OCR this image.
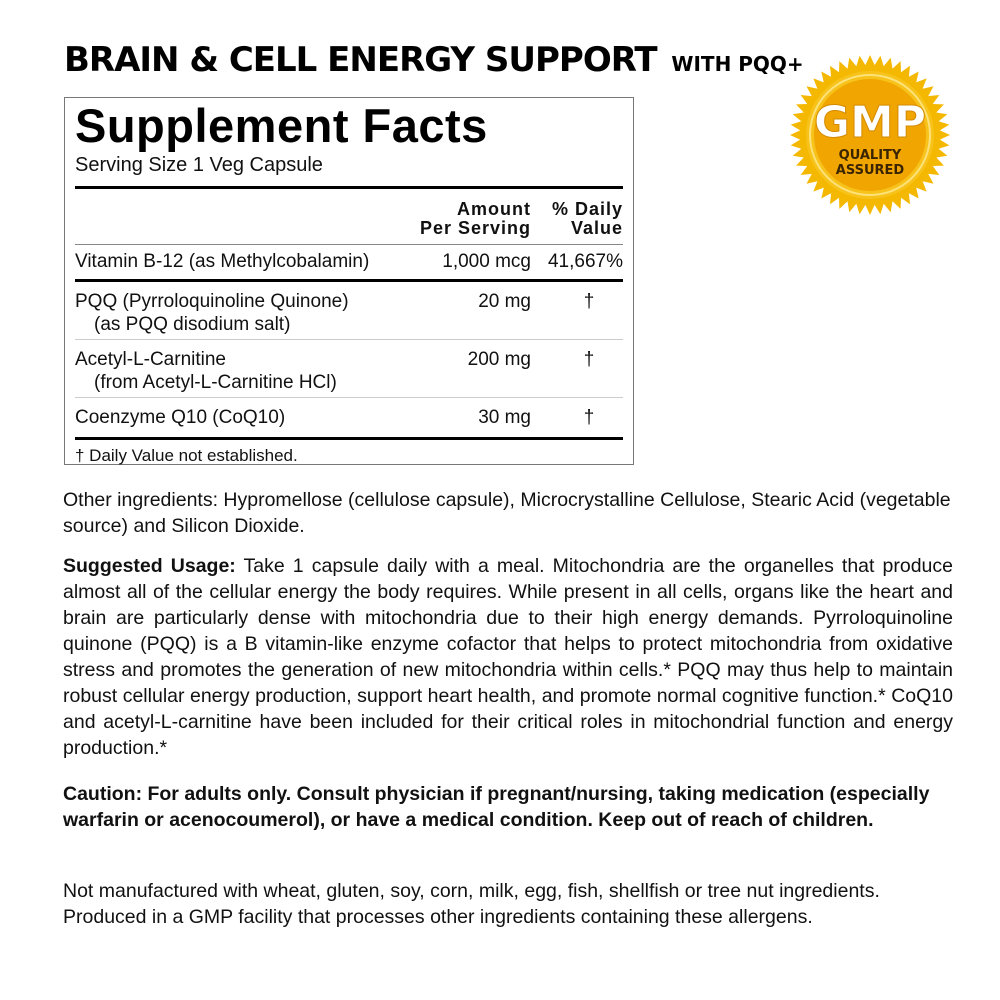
BRAIN & CELL ENERGY SUPPORT WITH PQQ+
GMP
QUALITY
ASSURED
Supplement Facts
Serving Size 1 Veg Capsule
Amount
Per Serving
% Daily
Value
Vitamin B-12 (as Methylcobalamin)	1,000 mcg 41,667%
PQQ (Pyrroloquinoline Quinone)
(as PQQ disodium salt)
20 mg	†
Acetyl-L-Carnitine
(from Acetyl-L-Carnitine HCl)
200 mg	†
Coenzyme Q10 (CoQ10)	30 mg	†
† Daily Value not established.

Other ingredients: Hypromellose (cellulose capsule), Microcrystalline Cellulose, Stearic Acid (vegetable source) and Silicon Dioxide.

Suggested Usage: Take 1 capsule daily with a meal. Mitochondria are the organelles that produce almost all of the cellular energy the body requires. While present in all cells, organs like the heart and brain are particularly dense with mitochondria due to their high energy demands. Pyrroloquinoline quinone (PQQ) is a B vitamin-like enzyme cofactor that helps to protect mitochondria from oxidative stress and promotes the generation of new mitochondria within cells.* PQQ may thus help to maintain robust cellular energy production, support heart health, and promote normal cognitive function.* CoQ10 and acetyl-L-carnitine have been included for their critical roles in mitochondrial function and energy production.*

Caution: For adults only. Consult physician if pregnant/nursing, taking medication (especially warfarin or acenocoumerol), or have a medical condition. Keep out of reach of children.

Not manufactured with wheat, gluten, soy, corn, milk, egg, fish, shellfish or tree nut ingredients. Produced in a GMP facility that processes other ingredients containing these allergens.
